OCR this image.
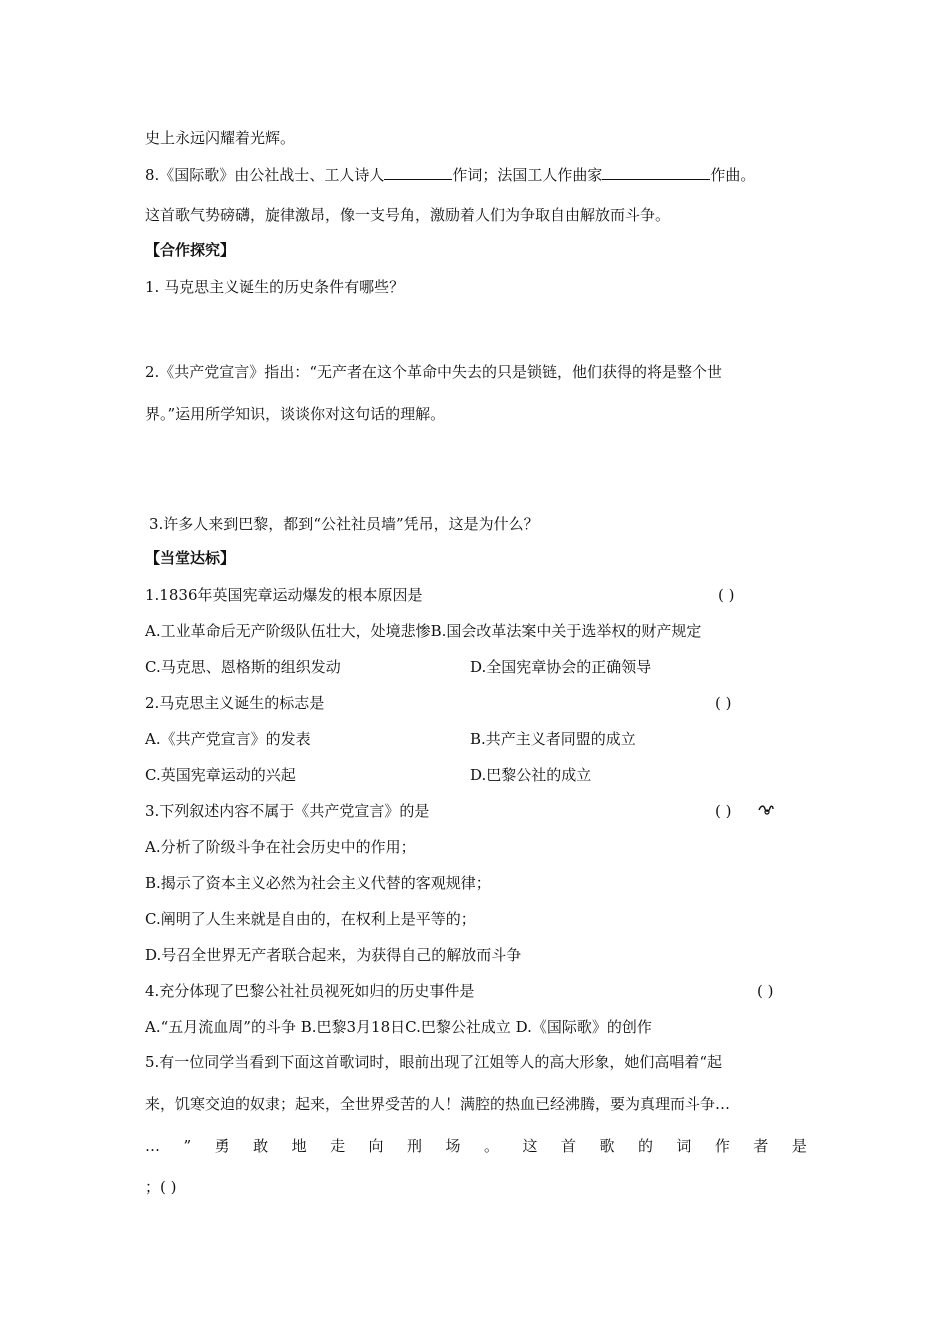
史上永远闪耀着光辉。
8.《国际歌》由公社战士、工人诗人	作词；法国工人作曲家	作曲。
这首歌气势磅礴，旋律激昂，像一支号角，激励着人们为争取自由解放而斗争。
【合作探究】
1. 马克思主义诞生的历史条件有哪些？
2.《共产党宣言》指出：“无产者在这个革命中失去的只是锁链，他们获得的将是整个世
界。”运用所学知识，谈谈你对这句话的理解。
3.许多人来到巴黎，都到“公社社员墙”凭吊，这是为什么？
【当堂达标】
1.1836年英国宪章运动爆发的根本原因是	( )
A.工业革命后无产阶级队伍壮大，处境悲惨B.国会改革法案中关于选举权的财产规定
C.马克思、恩格斯的组织发动	D.全国宪章协会的正确领导
2.马克思主义诞生的标志是	( )
A.《共产党宣言》的发表	B.共产主义者同盟的成立
C.英国宪章运动的兴起	D.巴黎公社的成立
3.下列叙述内容不属于《共产党宣言》的是	( )
A.分析了阶级斗争在社会历史中的作用；
B.揭示了资本主义必然为社会主义代替的客观规律；
C.阐明了人生来就是自由的，在权利上是平等的；
D.号召全世界无产者联合起来，为获得自己的解放而斗争
4.充分体现了巴黎公社社员视死如归的历史事件是	( )
A.“五月流血周”的斗争 B.巴黎3月18日C.巴黎公社成立 D.《国际歌》的创作
5.有一位同学当看到下面这首歌词时，眼前出现了江姐等人的高大形象，她们高唱着“起
来，饥寒交迫的奴隶；起来，全世界受苦的人！满腔的热血已经沸腾，要为真理而斗争…
… ” 勇 敢 地 走 向 刑 场 。 这 首 歌 的 词 作 者 是
；( )
